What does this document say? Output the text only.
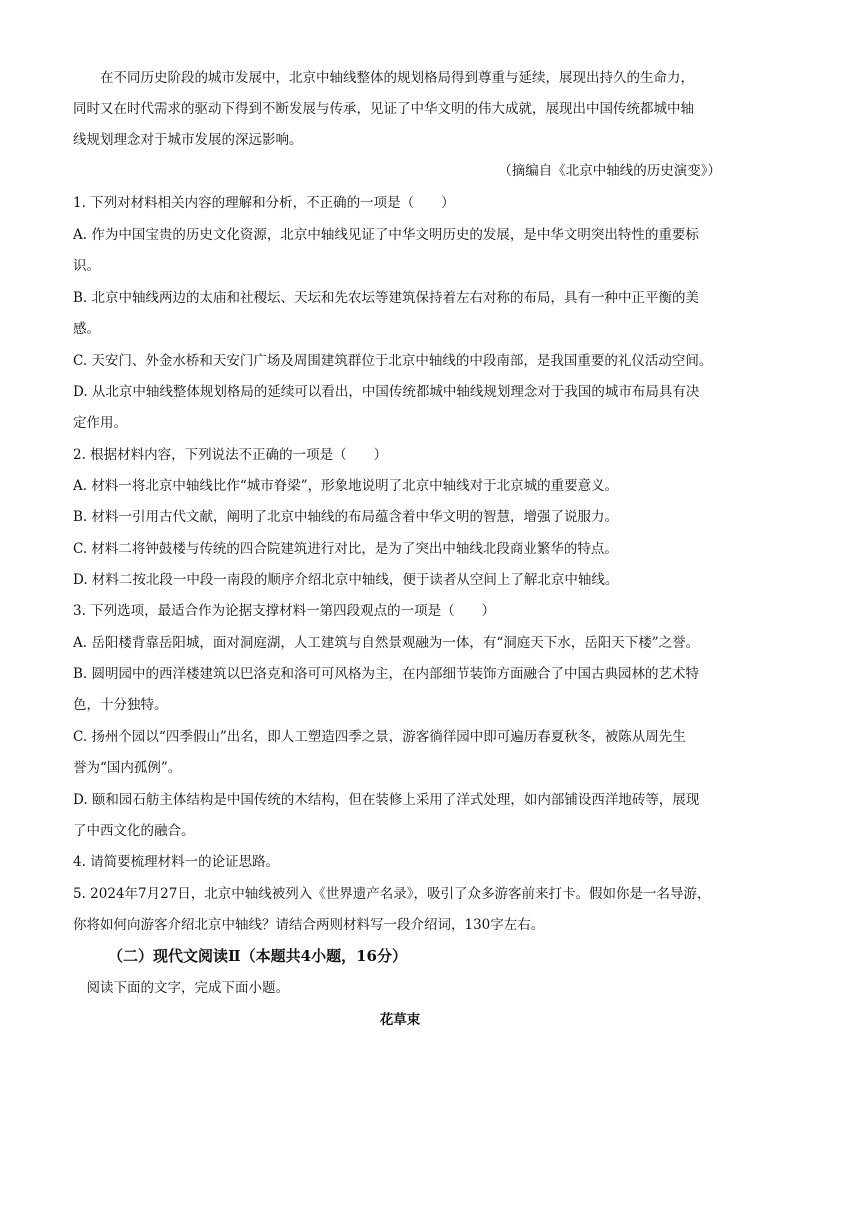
　　在不同历史阶段的城市发展中，北京中轴线整体的规划格局得到尊重与延续，展现出持久的生命力，
同时又在时代需求的驱动下得到不断发展与传承，见证了中华文明的伟大成就，展现出中国传统都城中轴
线规划理念对于城市发展的深远影响。
（摘编自《北京中轴线的历史演变》）
1. 下列对材料相关内容的理解和分析，不正确的一项是（　　）
A. 作为中国宝贵的历史文化资源，北京中轴线见证了中华文明历史的发展，是中华文明突出特性的重要标
识。
B. 北京中轴线两边的太庙和社稷坛、天坛和先农坛等建筑保持着左右对称的布局，具有一种中正平衡的美
感。
C. 天安门、外金水桥和天安门广场及周围建筑群位于北京中轴线的中段南部，是我国重要的礼仪活动空间。
D. 从北京中轴线整体规划格局的延续可以看出，中国传统都城中轴线规划理念对于我国的城市布局具有决
定作用。
2. 根据材料内容，下列说法不正确的一项是（　　）
A. 材料一将北京中轴线比作“城市脊梁”，形象地说明了北京中轴线对于北京城的重要意义。
B. 材料一引用古代文献，阐明了北京中轴线的布局蕴含着中华文明的智慧，增强了说服力。
C. 材料二将钟鼓楼与传统的四合院建筑进行对比，是为了突出中轴线北段商业繁华的特点。
D. 材料二按北段一中段一南段的顺序介绍北京中轴线，便于读者从空间上了解北京中轴线。
3. 下列选项，最适合作为论据支撑材料一第四段观点的一项是（　　）
A. 岳阳楼背靠岳阳城，面对洞庭湖，人工建筑与自然景观融为一体，有“洞庭天下水，岳阳天下楼”之誉。
B. 圆明园中的西洋楼建筑以巴洛克和洛可可风格为主，在内部细节装饰方面融合了中国古典园林的艺术特
色，十分独特。
C. 扬州个园以“四季假山”出名，即人工塑造四季之景，游客徜徉园中即可遍历春夏秋冬，被陈从周先生
誉为“国内孤例”。
D. 颐和园石舫主体结构是中国传统的木结构，但在装修上采用了洋式处理，如内部铺设西洋地砖等，展现
了中西文化的融合。
4. 请简要梳理材料一的论证思路。
5. 2024年7月27日，北京中轴线被列入《世界遗产名录》，吸引了众多游客前来打卡。假如你是一名导游，
你将如何向游客介绍北京中轴线？请结合两则材料写一段介绍词，130字左右。
（二）现代文阅读Ⅱ（本题共4小题，16分）
　阅读下面的文字，完成下面小题。
花草束
